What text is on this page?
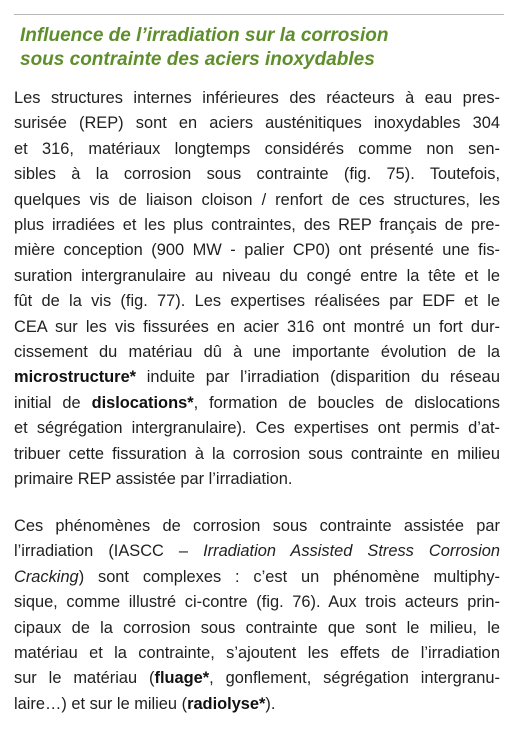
Influence de l’irradiation sur la corrosion
sous contrainte des aciers inoxydables

Les structures internes inférieures des réacteurs à eau pres-
surisée (REP) sont en aciers austénitiques inoxydables 304
et 316, matériaux longtemps considérés comme non sen-
sibles à la corrosion sous contrainte (fig. 75). Toutefois,
quelques vis de liaison cloison / renfort de ces structures, les
plus irradiées et les plus contraintes, des REP français de pre-
mière conception (900 MW - palier CP0) ont présenté une fis-
suration intergranulaire au niveau du congé entre la tête et le
fût de la vis (fig. 77). Les expertises réalisées par EDF et le
CEA sur les vis fissurées en acier 316 ont montré un fort dur-
cissement du matériau dû à une importante évolution de la
microstructure* induite par l’irradiation (disparition du réseau
initial de dislocations*, formation de boucles de dislocations
et ségrégation intergranulaire). Ces expertises ont permis d’at-
tribuer cette fissuration à la corrosion sous contrainte en milieu
primaire REP assistée par l’irradiation.

Ces phénomènes de corrosion sous contrainte assistée par
l’irradiation (IASCC – Irradiation Assisted Stress Corrosion
Cracking) sont complexes : c’est un phénomène multiphy-
sique, comme illustré ci-contre (fig. 76). Aux trois acteurs prin-
cipaux de la corrosion sous contrainte que sont le milieu, le
matériau et la contrainte, s’ajoutent les effets de l’irradiation
sur le matériau (fluage*, gonflement, ségrégation intergranu-
laire…) et sur le milieu (radiolyse*).
